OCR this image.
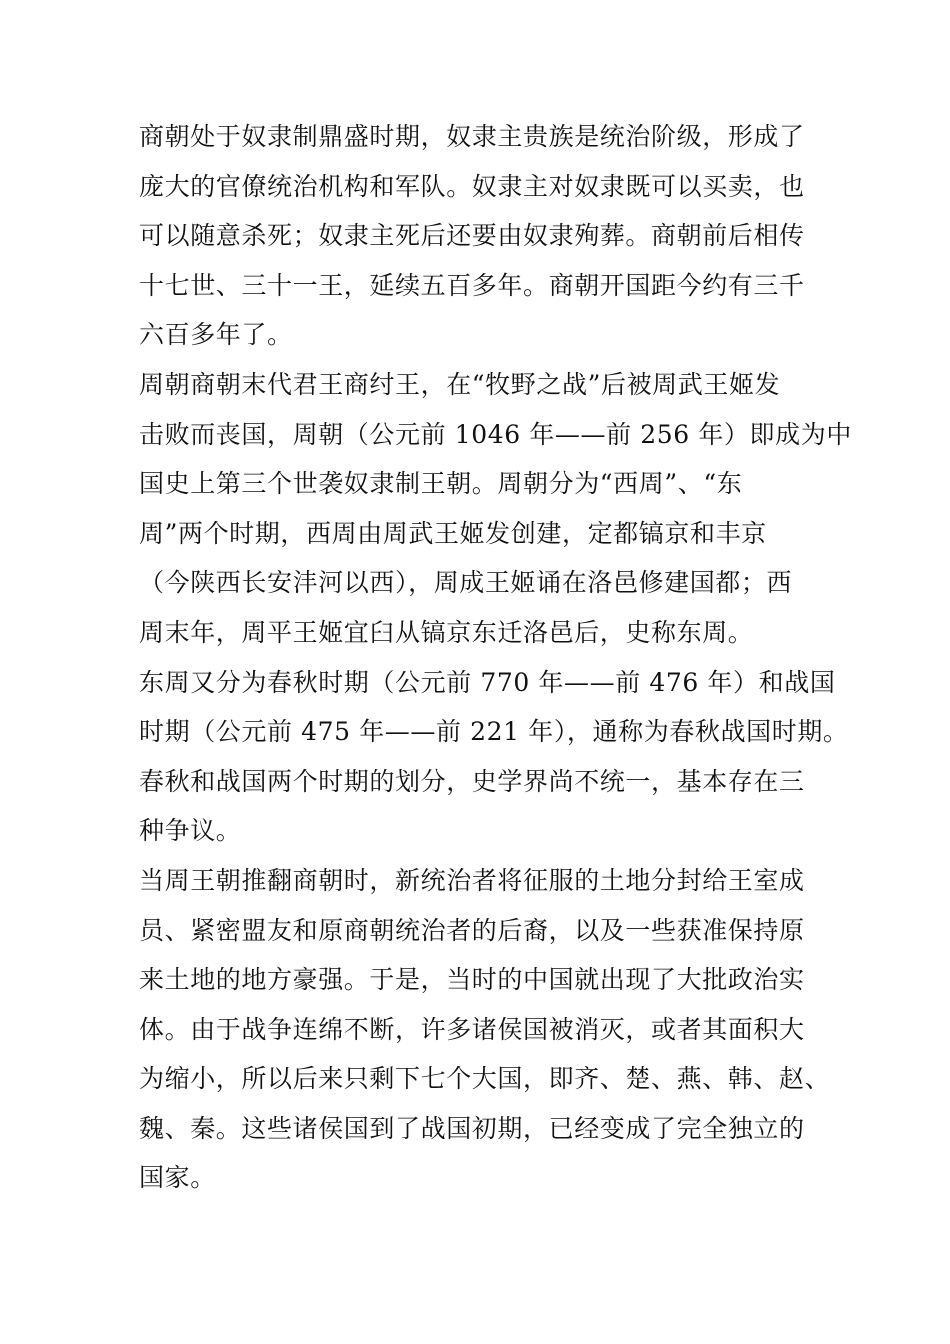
商朝处于奴隶制鼎盛时期，奴隶主贵族是统治阶级，形成了
庞大的官僚统治机构和军队。奴隶主对奴隶既可以买卖，也
可以随意杀死；奴隶主死后还要由奴隶殉葬。商朝前后相传
十七世、三十一王，延续五百多年。商朝开国距今约有三千
六百多年了。
周朝商朝末代君王商纣王，在“牧野之战”后被周武王姬发
击败而丧国，周朝（公元前 1046 年——前 256 年）即成为中
国史上第三个世袭奴隶制王朝。周朝分为“西周”、“东
周”两个时期，西周由周武王姬发创建，定都镐京和丰京
（今陕西长安沣河以西），周成王姬诵在洛邑修建国都；西
周末年，周平王姬宜臼从镐京东迁洛邑后，史称东周。
东周又分为春秋时期（公元前 770 年——前 476 年）和战国
时期（公元前 475 年——前 221 年），通称为春秋战国时期。
春秋和战国两个时期的划分，史学界尚不统一，基本存在三
种争议。
当周王朝推翻商朝时，新统治者将征服的土地分封给王室成
员、紧密盟友和原商朝统治者的后裔，以及一些获准保持原
来土地的地方豪强。于是，当时的中国就出现了大批政治实
体。由于战争连绵不断，许多诸侯国被消灭，或者其面积大
为缩小，所以后来只剩下七个大国，即齐、楚、燕、韩、赵、
魏、秦。这些诸侯国到了战国初期，已经变成了完全独立的
国家。
